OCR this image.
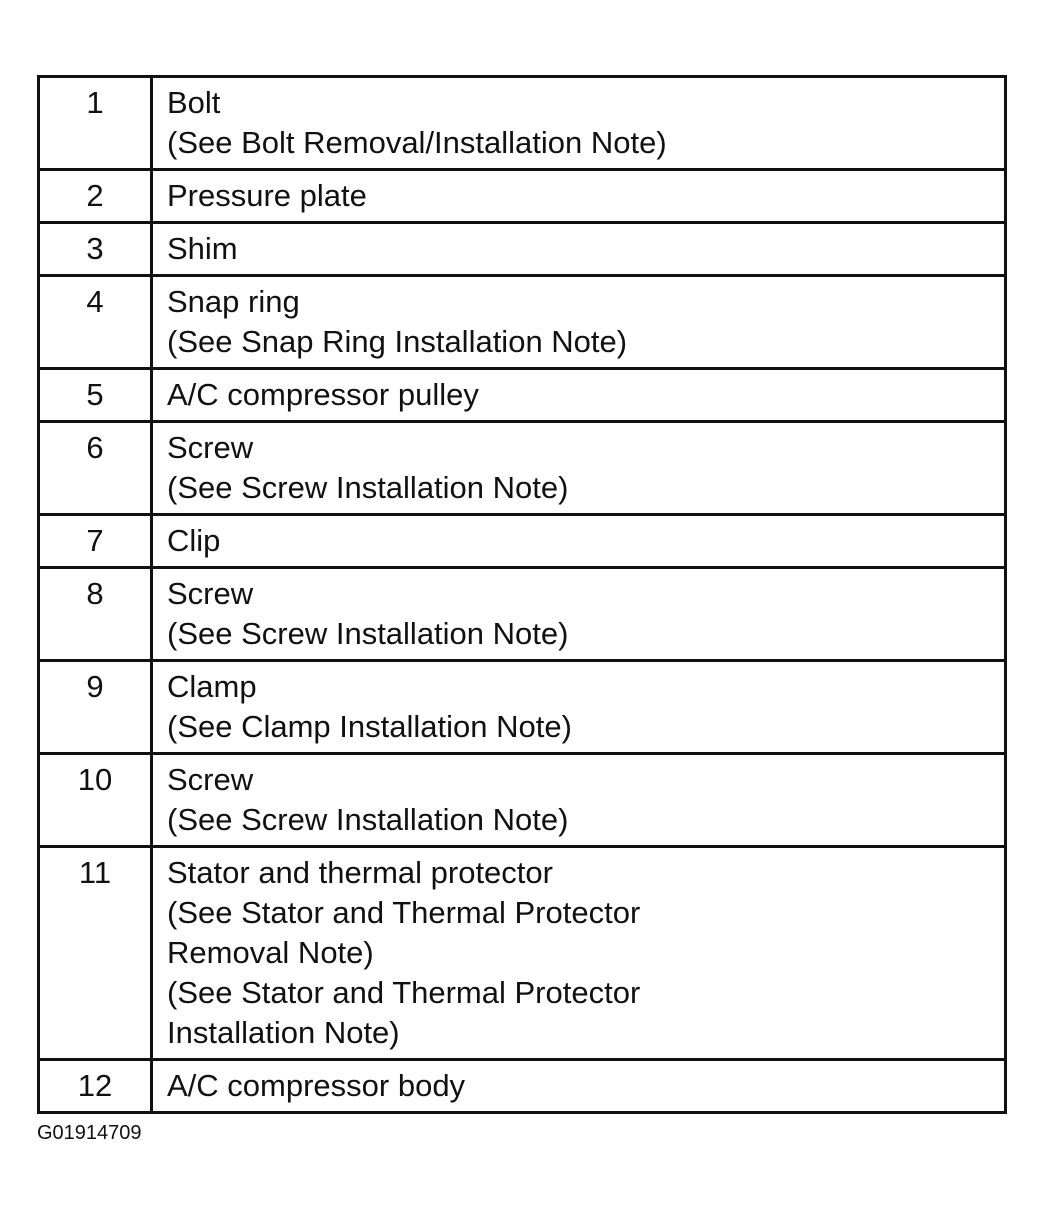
1	Bolt
(See Bolt Removal/Installation Note)

2	Pressure plate

3	Shim

4	Snap ring
(See Snap Ring Installation Note)

5	A/C compressor pulley

6	Screw
(See Screw Installation Note)

7	Clip

8	Screw
(See Screw Installation Note)

9	Clamp
(See Clamp Installation Note)

10	Screw
(See Screw Installation Note)

11	Stator and thermal protector
(See Stator and Thermal Protector
Removal Note)
(See Stator and Thermal Protector
Installation Note)

12	A/C compressor body
G01914709
